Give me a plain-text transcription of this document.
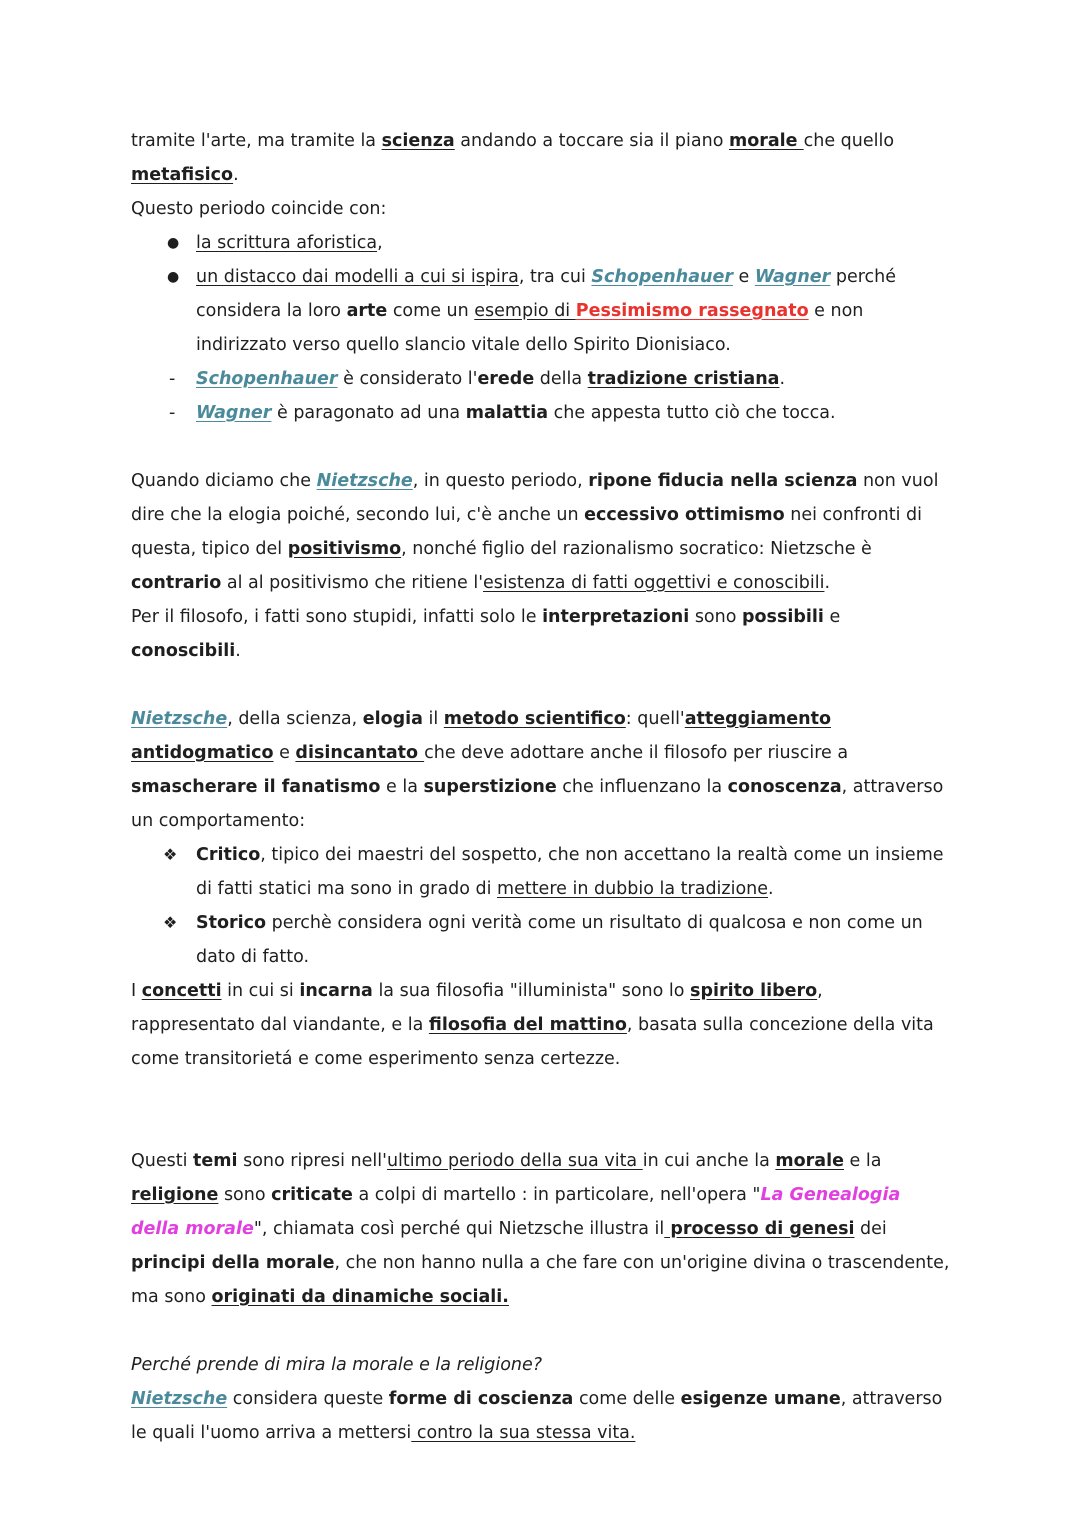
tramite l'arte, ma tramite la scienza andando a toccare sia il piano morale che quello
metafisico.

Questo periodo coincide con:

● la scrittura aforistica,
● un distacco dai modelli a cui si ispira, tra cui Schopenhauer e Wagner perché considera la loro arte come un esempio di Pessimismo rassegnato e non indirizzato verso quello slancio vitale dello Spirito Dionisiaco.
- Schopenhauer è considerato l'erede della tradizione cristiana.
- Wagner è paragonato ad una malattia che appesta tutto ciò che tocca.

Quando diciamo che Nietzsche, in questo periodo, ripone fiducia nella scienza non vuol dire che la elogia poiché, secondo lui, c'è anche un eccessivo ottimismo nei confronti di questa, tipico del positivismo, nonché figlio del razionalismo socratico: Nietzsche è contrario al al positivismo che ritiene l'esistenza di fatti oggettivi e conoscibili.

Per il filosofo, i fatti sono stupidi, infatti solo le interpretazioni sono possibili e conoscibili.

Nietzsche, della scienza, elogia il metodo scientifico: quell'atteggiamento antidogmatico e disincantato che deve adottare anche il filosofo per riuscire a smascherare il fanatismo e la superstizione che influenzano la conoscenza, attraverso un comportamento:

❖ Critico, tipico dei maestri del sospetto, che non accettano la realtà come un insieme di fatti statici ma sono in grado di mettere in dubbio la tradizione.
❖ Storico perchè considera ogni verità come un risultato di qualcosa e non come un dato di fatto.

I concetti in cui si incarna la sua filosofia "illuminista" sono lo spirito libero, rappresentato dal viandante, e la filosofia del mattino, basata sulla concezione della vita come transitorietá e come esperimento senza certezze.

Questi temi sono ripresi nell'ultimo periodo della sua vita in cui anche la morale e la religione sono criticate a colpi di martello : in particolare, nell'opera "La Genealogia della morale", chiamata così perché qui Nietzsche illustra il processo di genesi dei principi della morale, che non hanno nulla a che fare con un'origine divina o trascendente, ma sono originati da dinamiche sociali.

Perché prende di mira la morale e la religione?

Nietzsche considera queste forme di coscienza come delle esigenze umane, attraverso le quali l'uomo arriva a mettersi contro la sua stessa vita.
